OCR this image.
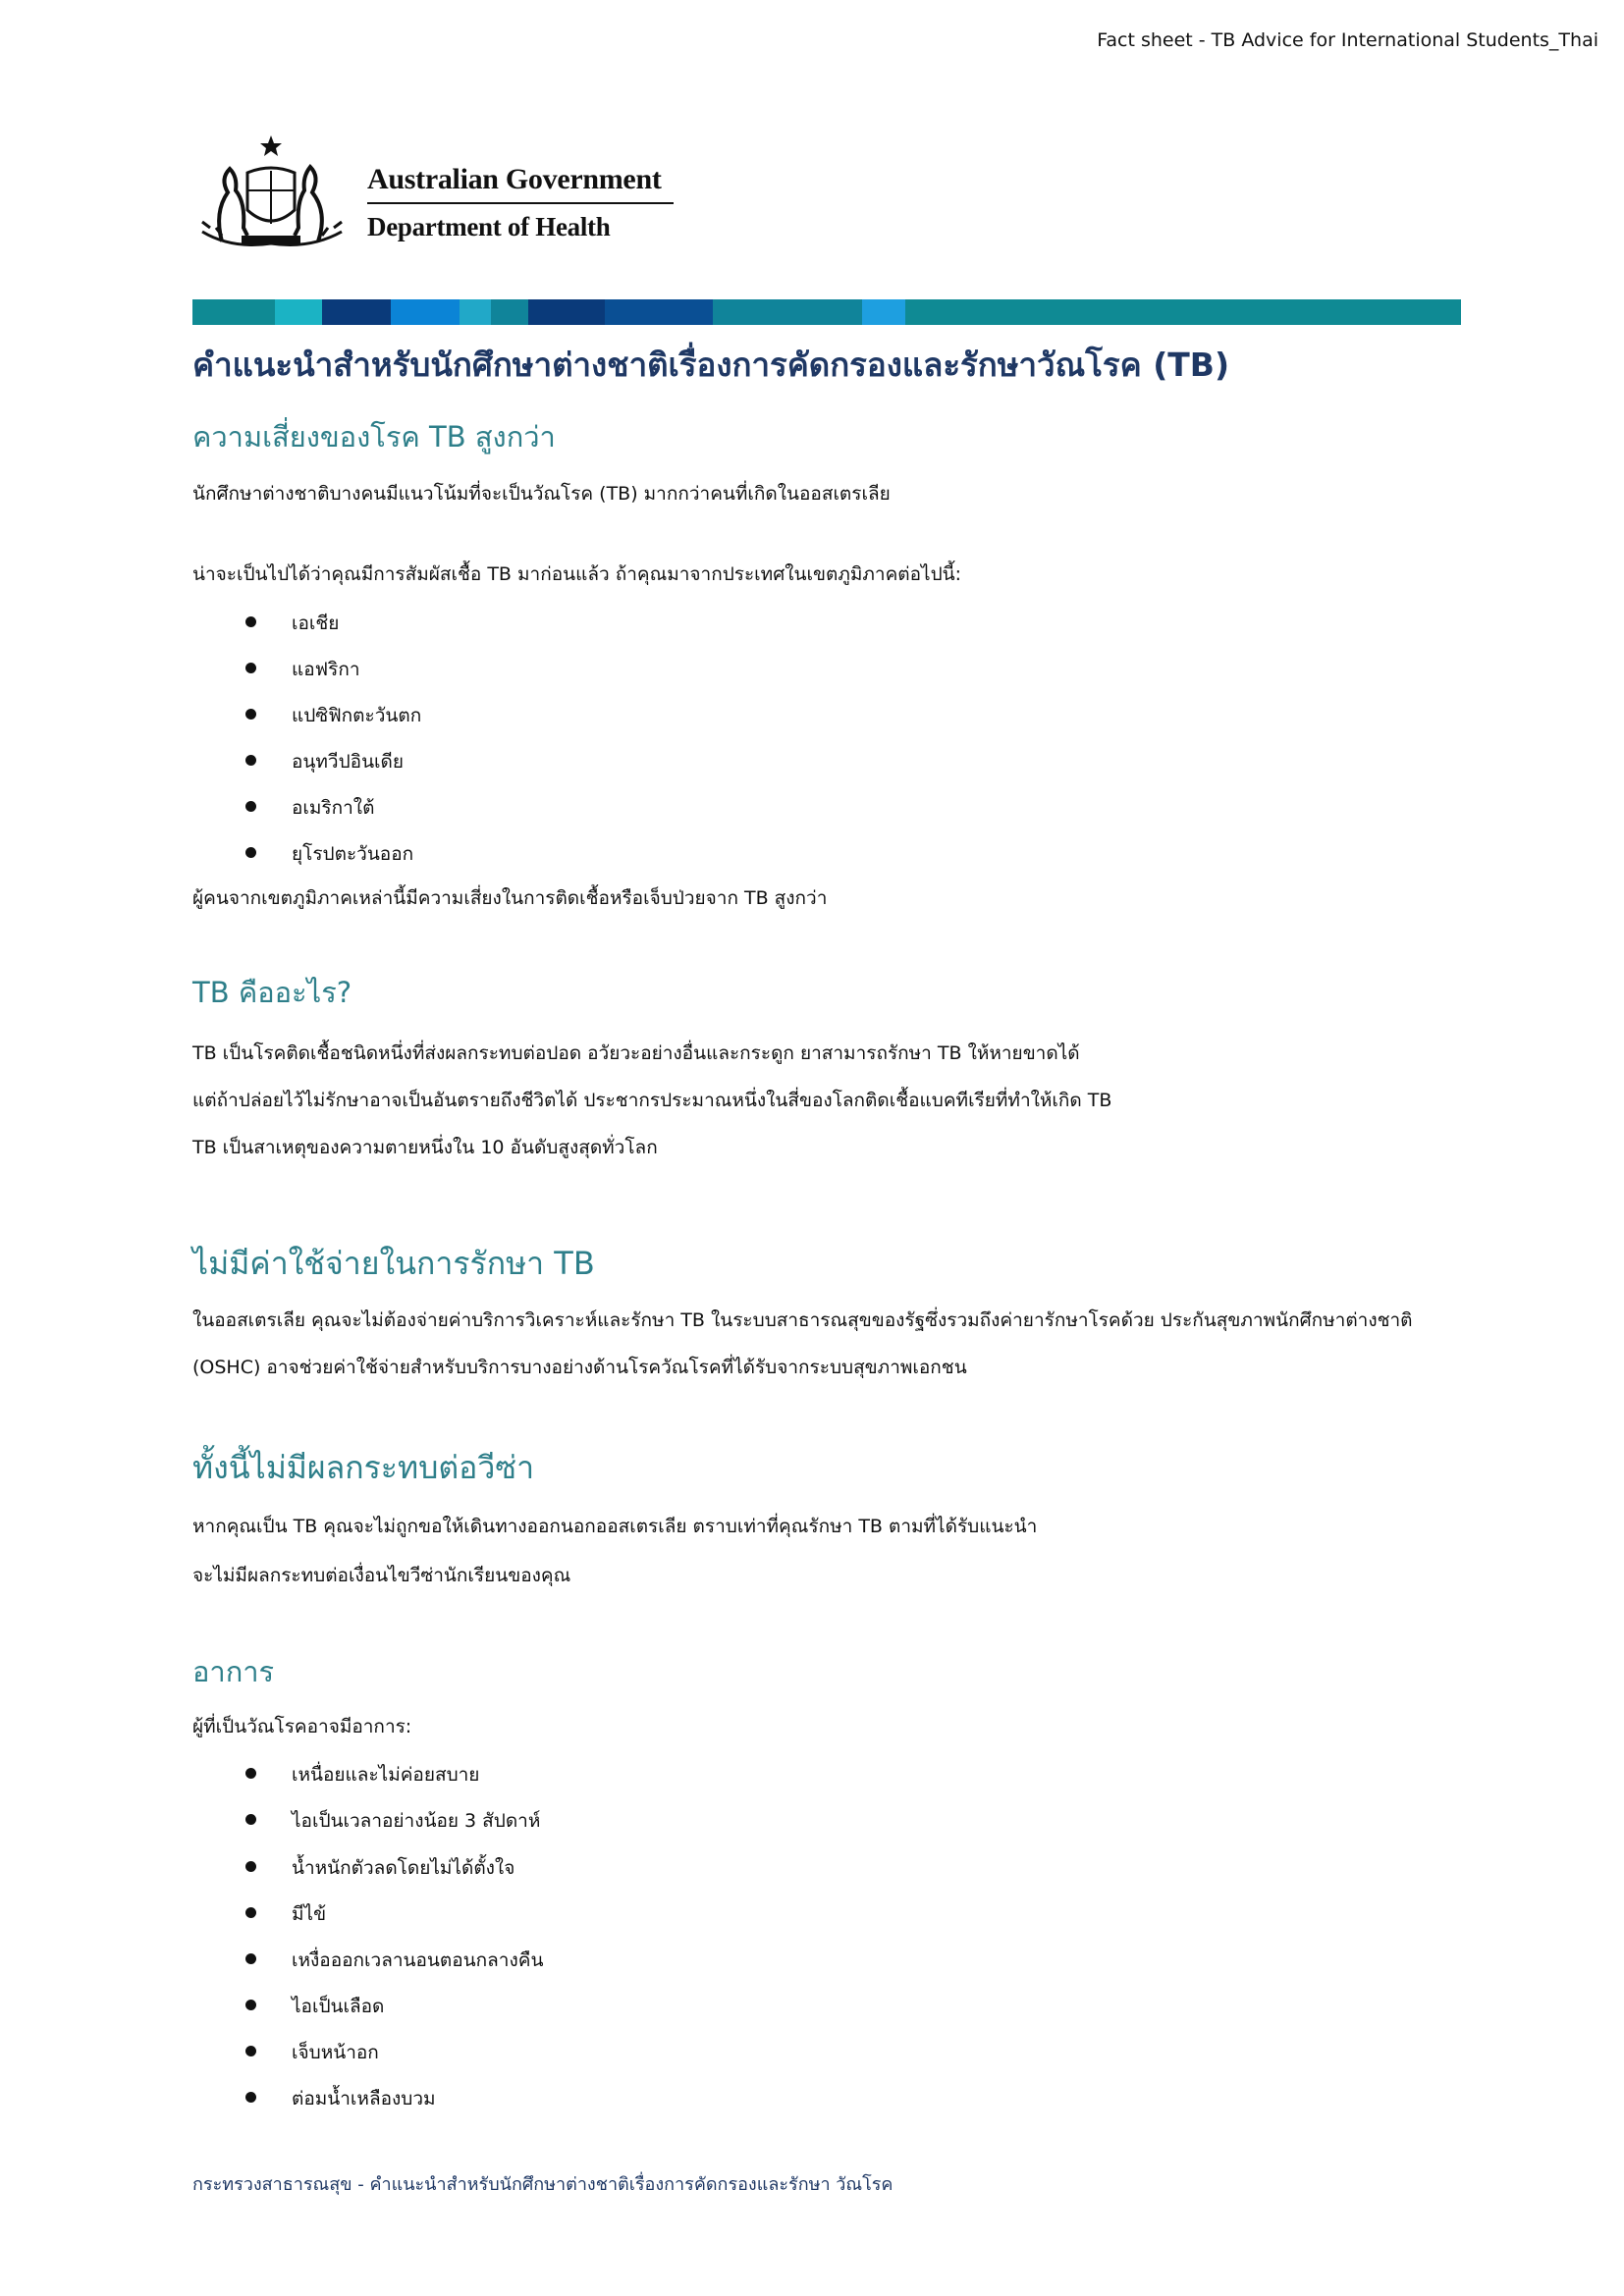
Fact sheet - TB Advice for International Students_Thai
Australian Government
Department of Health
คำแนะนำสำหรับนักศึกษาต่างชาติเรื่องการคัดกรองและรักษาวัณโรค (TB)
ความเสี่ยงของโรค TB สูงกว่า
นักศึกษาต่างชาติบางคนมีแนวโน้มที่จะเป็นวัณโรค (TB) มากกว่าคนที่เกิดในออสเตรเลีย
น่าจะเป็นไปได้ว่าคุณมีการสัมผัสเชื้อ TB มาก่อนแล้ว ถ้าคุณมาจากประเทศในเขตภูมิภาคต่อไปนี้:
เอเชีย
แอฟริกา
แปซิฟิกตะวันตก
อนุทวีปอินเดีย
อเมริกาใต้
ยุโรปตะวันออก
ผู้คนจากเขตภูมิภาคเหล่านี้มีความเสี่ยงในการติดเชื้อหรือเจ็บป่วยจาก TB สูงกว่า
TB คืออะไร?
TB เป็นโรคติดเชื้อชนิดหนึ่งที่ส่งผลกระทบต่อปอด อวัยวะอย่างอื่นและกระดูก ยาสามารถรักษา TB ให้หายขาดได้
แต่ถ้าปล่อยไว้ไม่รักษาอาจเป็นอันตรายถึงชีวิตได้ ประชากรประมาณหนึ่งในสี่ของโลกติดเชื้อแบคทีเรียที่ทำให้เกิด TB
TB เป็นสาเหตุของความตายหนึ่งใน 10 อันดับสูงสุดทั่วโลก
ไม่มีค่าใช้จ่ายในการรักษา TB
ในออสเตรเลีย คุณจะไม่ต้องจ่ายค่าบริการวิเคราะห์และรักษา TB ในระบบสาธารณสุขของรัฐซึ่งรวมถึงค่ายารักษาโรคด้วย ประกันสุขภาพนักศึกษาต่างชาติ
(OSHC) อาจช่วยค่าใช้จ่ายสำหรับบริการบางอย่างด้านโรควัณโรคที่ได้รับจากระบบสุขภาพเอกชน
ทั้งนี้ไม่มีผลกระทบต่อวีซ่า
หากคุณเป็น TB คุณจะไม่ถูกขอให้เดินทางออกนอกออสเตรเลีย ตราบเท่าที่คุณรักษา TB ตามที่ได้รับแนะนำ
จะไม่มีผลกระทบต่อเงื่อนไขวีซ่านักเรียนของคุณ
อาการ
ผู้ที่เป็นวัณโรคอาจมีอาการ:
เหนื่อยและไม่ค่อยสบาย
ไอเป็นเวลาอย่างน้อย 3 สัปดาห์
น้ำหนักตัวลดโดยไม่ได้ตั้งใจ
มีไข้
เหงื่อออกเวลานอนตอนกลางคืน
ไอเป็นเลือด
เจ็บหน้าอก
ต่อมน้ำเหลืองบวม
กระทรวงสาธารณสุข - คำแนะนำสำหรับนักศึกษาต่างชาติเรื่องการคัดกรองและรักษา วัณโรค
